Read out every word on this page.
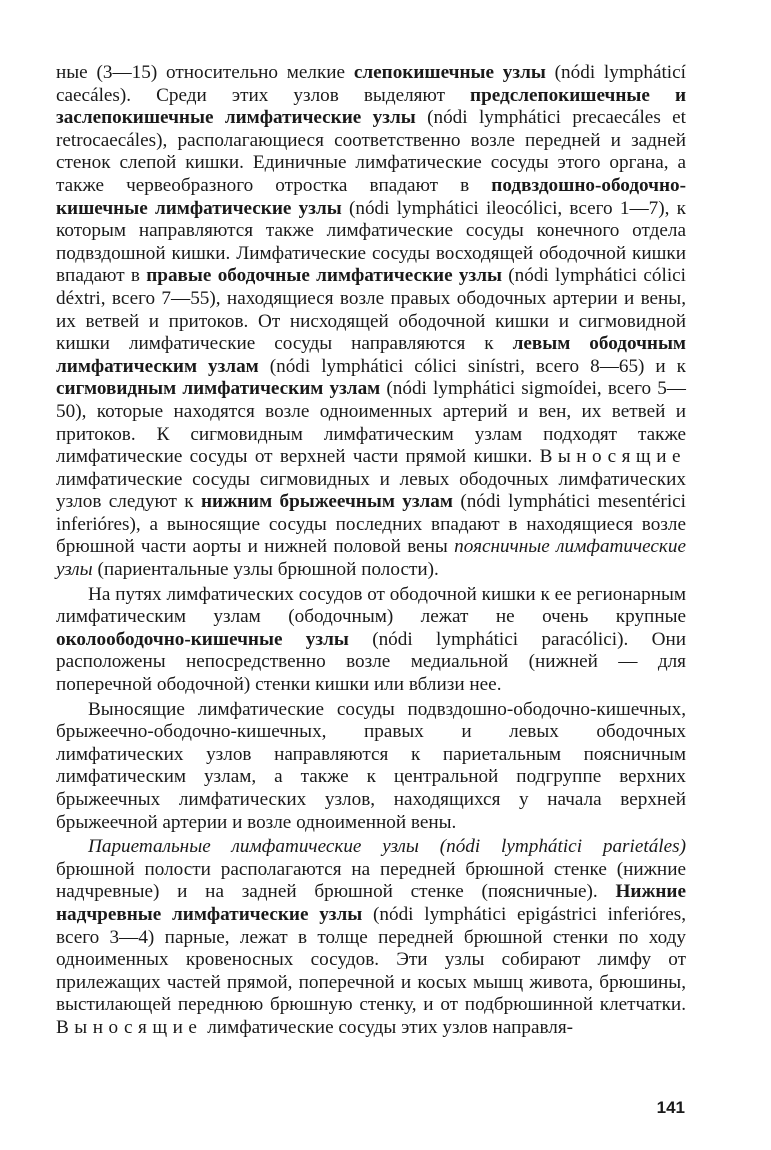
ные (3—15) относительно мелкие слепокишечные узлы (nódi lympháticí caecáles). Среди этих узлов выделяют предслепокишечные и заслепокишечные лимфатические узлы (nódi lymphátici precaecáles et retrocaecáles), располагающиеся соответственно возле передней и задней стенок слепой кишки. Единичные лимфатические сосуды этого органа, а также червеобразного отростка впадают в подвздошно-ободочно-кишечные лимфатические узлы (nódi lymphátici ileocólici, всего 1—7), к которым направляются также лимфатические сосуды конечного отдела подвздошной кишки. Лимфатические сосуды восходящей ободочной кишки впадают в правые ободочные лимфатические узлы (nódi lymphátici cólici déxtri, всего 7—55), находящиеся возле правых ободочных артерии и вены, их ветвей и притоков. От нисходящей ободочной кишки и сигмовидной кишки лимфатические сосуды направляются к левым ободочным лимфатическим узлам (nódi lymphátici cólici sinístri, всего 8—65) и к сигмовидным лимфатическим узлам (nódi lymphátici sigmoídei, всего 5—50), которые находятся возле одноименных артерий и вен, их ветвей и притоков. К сигмовидным лимфатическим узлам подходят также лимфатические сосуды от верхней части прямой кишки. Выносящие лимфатические сосуды сигмовидных и левых ободочных лимфатических узлов следуют к нижним брыжеечным узлам (nódi lymphátici mesentérici inferióres), а выносящие сосуды последних впадают в находящиеся возле брюшной части аорты и нижней половой вены поясничные лимфатические узлы (париентальные узлы брюшной полости).

На путях лимфатических сосудов от ободочной кишки к ее регионарным лимфатическим узлам (ободочным) лежат не очень крупные околоободочно-кишечные узлы (nódi lymphátici paracólici). Они расположены непосредственно возле медиальной (нижней — для поперечной ободочной) стенки кишки или вблизи нее.

Выносящие лимфатические сосуды подвздошно-ободочно-кишечных, брыжеечно-ободочно-кишечных, правых и левых ободочных лимфатических узлов направляются к париетальным поясничным лимфатическим узлам, а также к центральной подгруппе верхних брыжеечных лимфатических узлов, находящихся у начала верхней брыжеечной артерии и возле одноименной вены.

Париетальные лимфатические узлы (nódi lymphátici parietáles) брюшной полости располагаются на передней брюшной стенке (нижние надчревные) и на задней брюшной стенке (поясничные). Нижние надчревные лимфатические узлы (nódi lymphátici epigástrici inferióres, всего 3—4) парные, лежат в толще передней брюшной стенки по ходу одноименных кровеносных сосудов. Эти узлы собирают лимфу от прилежащих частей прямой, поперечной и косых мышц живота, брюшины, выстилающей переднюю брюшную стенку, и от подбрюшинной клетчатки. Выносящие лимфатические сосуды этих узлов направля-

141
